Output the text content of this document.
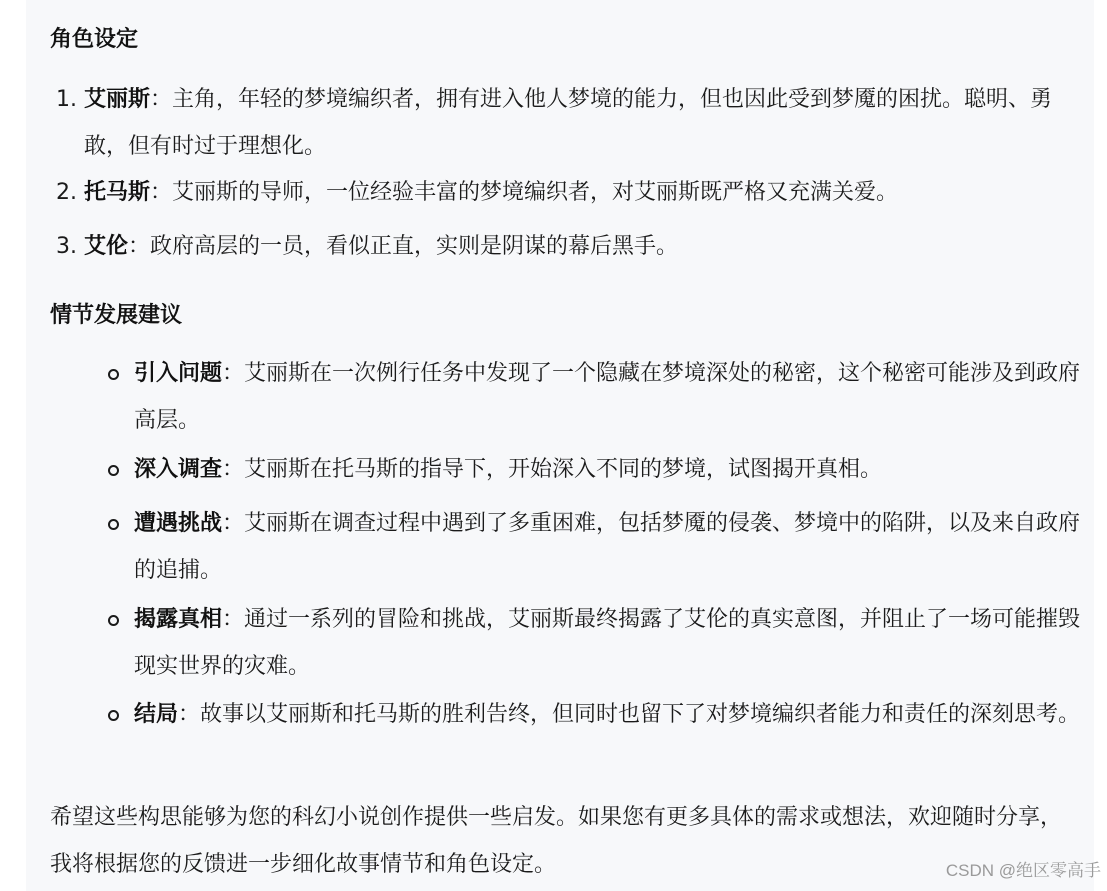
角色设定
1. 艾丽斯：主角，年轻的梦境编织者，拥有进入他人梦境的能力，但也因此受到梦魇的困扰。聪明、勇敢，但有时过于理想化。
2. 托马斯：艾丽斯的导师，一位经验丰富的梦境编织者，对艾丽斯既严格又充满关爱。
3. 艾伦：政府高层的一员，看似正直，实则是阴谋的幕后黑手。
情节发展建议
引入问题：艾丽斯在一次例行任务中发现了一个隐藏在梦境深处的秘密，这个秘密可能涉及到政府高层。
深入调查：艾丽斯在托马斯的指导下，开始深入不同的梦境，试图揭开真相。
遭遇挑战：艾丽斯在调查过程中遇到了多重困难，包括梦魇的侵袭、梦境中的陷阱，以及来自政府的追捕。
揭露真相：通过一系列的冒险和挑战，艾丽斯最终揭露了艾伦的真实意图，并阻止了一场可能摧毁现实世界的灾难。
结局：故事以艾丽斯和托马斯的胜利告终，但同时也留下了对梦境编织者能力和责任的深刻思考。
希望这些构思能够为您的科幻小说创作提供一些启发。如果您有更多具体的需求或想法，欢迎随时分享，我将根据您的反馈进一步细化故事情节和角色设定。	CSDN @绝区零高手
